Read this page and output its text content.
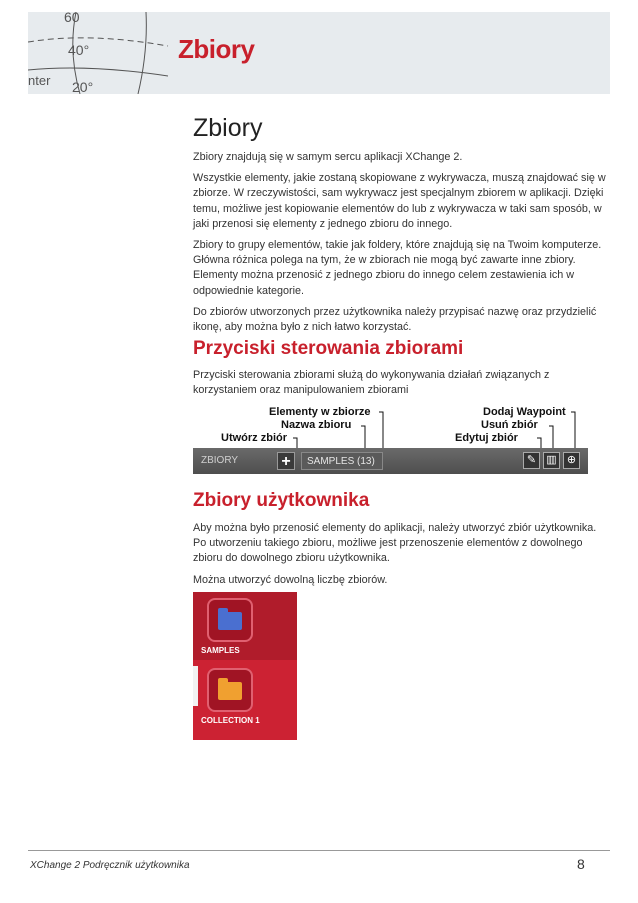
60
40°
nter 20°
Zbiory
Zbiory

Zbiory znajdują się w samym sercu aplikacji XChange 2.

Wszystkie elementy, jakie zostaną skopiowane z wykrywacza, muszą znajdować się w zbiorze. W rzeczywistości, sam wykrywacz jest specjalnym zbiorem w aplikacji. Dzięki temu, możliwe jest kopiowanie elementów do lub z wykrywacza w taki sam sposób, w jaki przenosi się elementy z jednego zbioru do innego.

Zbiory to grupy elementów, takie jak foldery, które znajdują się na Twoim komputerze. Główna różnica polega na tym, że w zbiorach nie mogą być zawarte inne zbiory. Elementy można przenosić z jednego zbioru do innego celem zestawienia ich w odpowiednie kategorie.

Do zbiorów utworzonych przez użytkownika należy przypisać nazwę oraz przydzielić ikonę, aby można było z nich łatwo korzystać.

Przyciski sterowania zbiorami

Przyciski sterowania zbiorami służą do wykonywania działań związanych z korzystaniem oraz manipulowaniem zbiorami

Elementy w zbiorze
Nazwa zbioru
Utwórz zbiór
Dodaj Waypoint
Usuń zbiór
Edytuj zbiór
ZBIORY	+	SAMPLES (13)	✎ ▥ ⊕
Zbiory użytkownika

Aby można było przenosić elementy do aplikacji, należy utworzyć zbiór użytkownika. Po utworzeniu takiego zbioru, możliwe jest przenoszenie elementów z dowolnego zbioru do dowolnego zbioru użytkownika.

Można utworzyć dowolną liczbę zbiorów.

SAMPLES
COLLECTION 1
XChange 2 Podręcznik użytkownika	8
